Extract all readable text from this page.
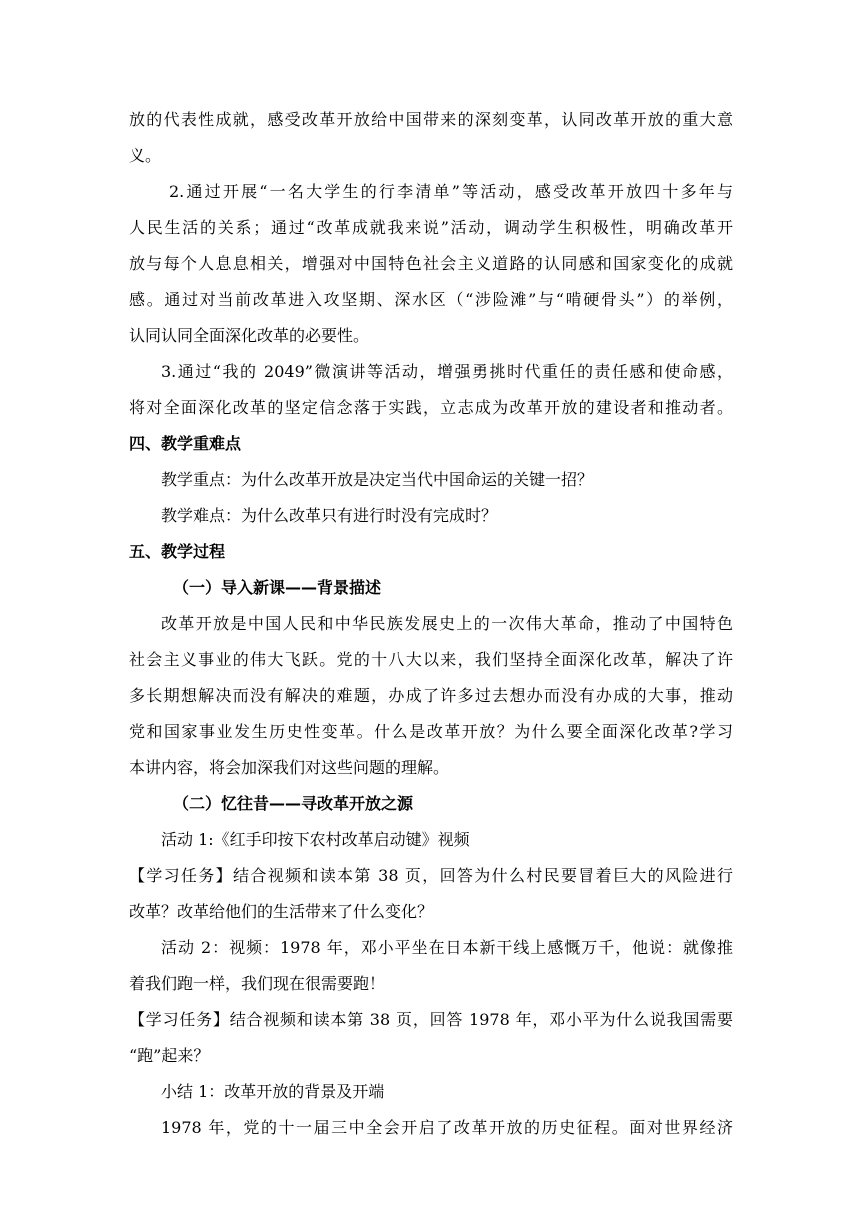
放的代表性成就，感受改革开放给中国带来的深刻变革，认同改革开放的重大意
义。
2.通过开展“一名大学生的行李清单”等活动，感受改革开放四十多年与
人民生活的关系；通过“改革成就我来说”活动，调动学生积极性，明确改革开
放与每个人息息相关，增强对中国特色社会主义道路的认同感和国家变化的成就
感。通过对当前改革进入攻坚期、深水区（“涉险滩”与“啃硬骨头”）的举例，
认同认同全面深化改革的必要性。
3.通过“我的 2049”微演讲等活动，增强勇挑时代重任的责任感和使命感，
将对全面深化改革的坚定信念落于实践，立志成为改革开放的建设者和推动者。
四、教学重难点
教学重点：为什么改革开放是决定当代中国命运的关键一招？
教学难点：为什么改革只有进行时没有完成时？
五、教学过程
（一）导入新课——背景描述
改革开放是中国人民和中华民族发展史上的一次伟大革命，推动了中国特色
社会主义事业的伟大飞跃。党的十八大以来，我们坚持全面深化改革，解决了许
多长期想解决而没有解决的难题，办成了许多过去想办而没有办成的大事，推动
党和国家事业发生历史性变革。什么是改革开放？为什么要全面深化改革?学习
本讲内容，将会加深我们对这些问题的理解。
（二）忆往昔——寻改革开放之源
活动 1:《红手印按下农村改革启动键》视频
【学习任务】结合视频和读本第 38 页，回答为什么村民要冒着巨大的风险进行
改革？改革给他们的生活带来了什么变化？
活动 2：视频：1978 年，邓小平坐在日本新干线上感慨万千，他说：就像推
着我们跑一样，我们现在很需要跑！
【学习任务】结合视频和读本第 38 页，回答 1978 年，邓小平为什么说我国需要
“跑”起来？
小结 1：改革开放的背景及开端
1978 年，党的十一届三中全会开启了改革开放的历史征程。面对世界经济
